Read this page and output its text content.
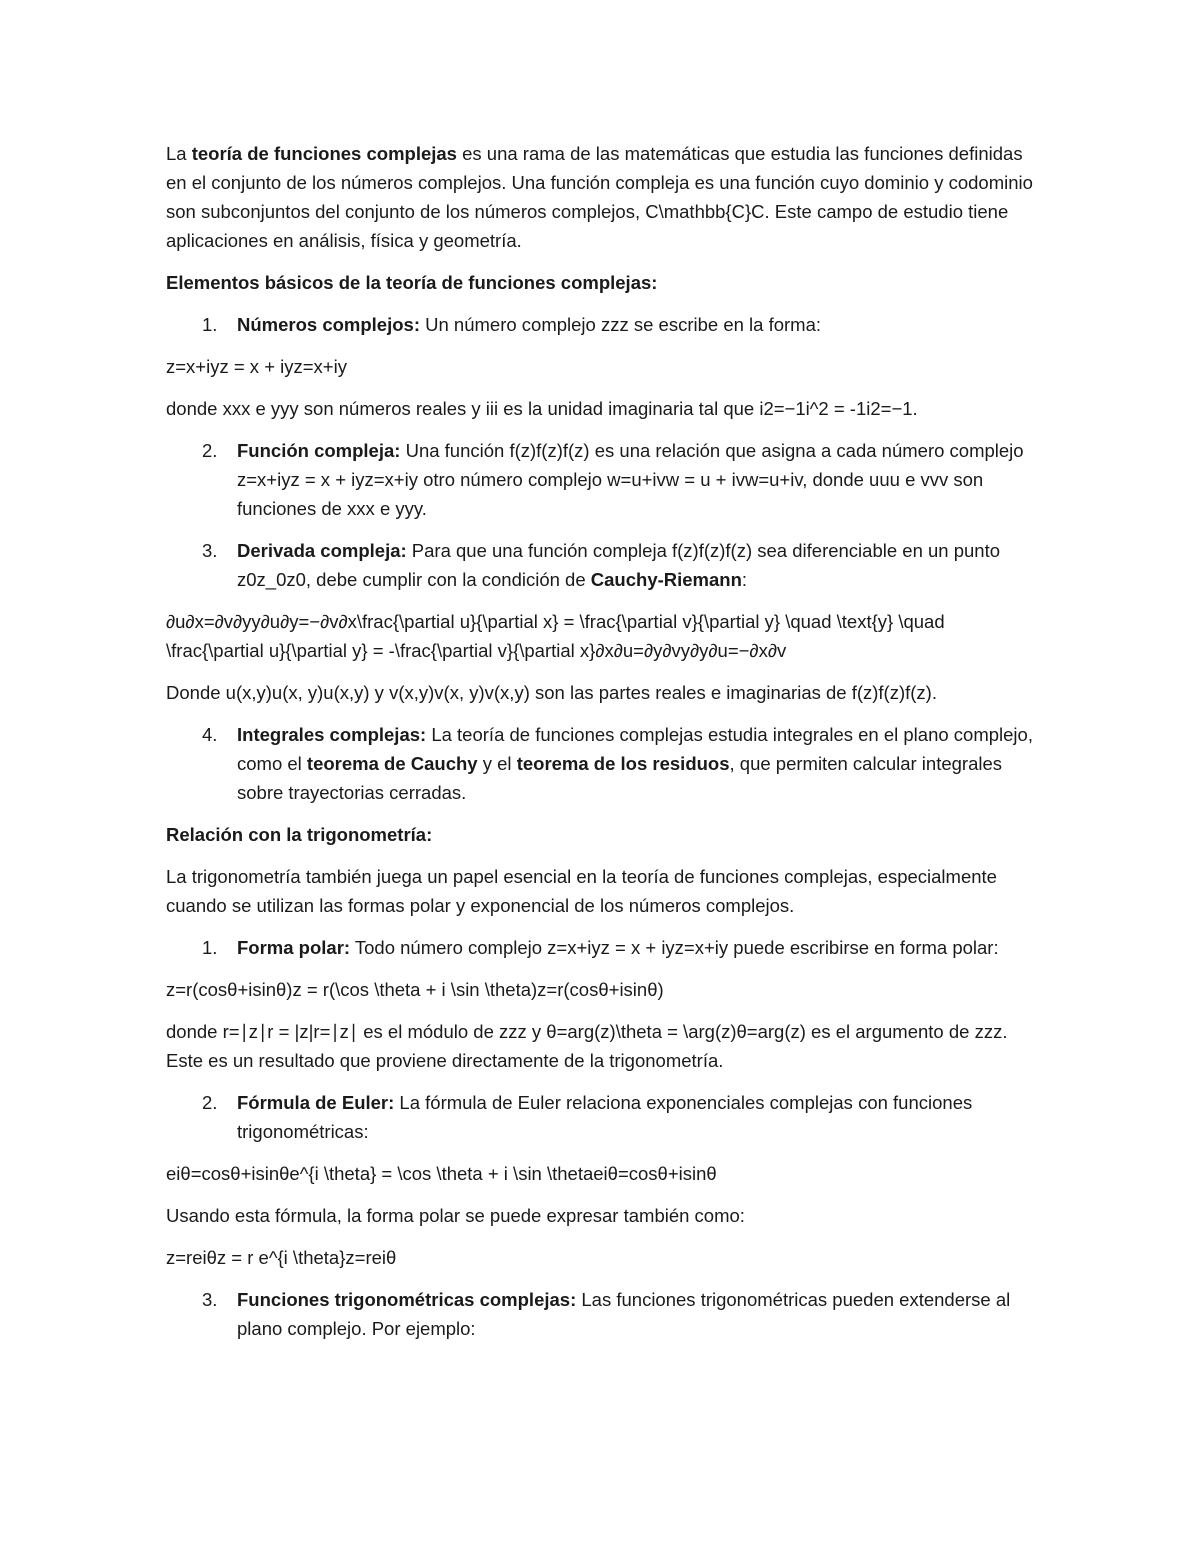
La teoría de funciones complejas es una rama de las matemáticas que estudia las funciones definidas en el conjunto de los números complejos. Una función compleja es una función cuyo dominio y codominio son subconjuntos del conjunto de los números complejos, C\mathbb{C}C. Este campo de estudio tiene aplicaciones en análisis, física y geometría.

Elementos básicos de la teoría de funciones complejas:

1. Números complejos: Un número complejo zzz se escribe en la forma:

z=x+iyz = x + iyz=x+iy

donde xxx e yyy son números reales y iii es la unidad imaginaria tal que i2=−1i^2 = -1i2=−1.

2. Función compleja: Una función f(z)f(z)f(z) es una relación que asigna a cada número complejo z=x+iyz = x + iyz=x+iy otro número complejo w=u+ivw = u + ivw=u+iv, donde uuu e vvv son funciones de xxx e yyy.
3. Derivada compleja: Para que una función compleja f(z)f(z)f(z) sea diferenciable en un punto z0z_0z0, debe cumplir con la condición de Cauchy-Riemann:

∂u∂x=∂v∂yy∂u∂y=−∂v∂x\frac{\partial u}{\partial x} = \frac{\partial v}{\partial y} \quad \text{y} \quad \frac{\partial u}{\partial y} = -\frac{\partial v}{\partial x}∂x∂u=∂y∂vy∂y∂u=−∂x∂v

Donde u(x,y)u(x, y)u(x,y) y v(x,y)v(x, y)v(x,y) son las partes reales e imaginarias de f(z)f(z)f(z).

4. Integrales complejas: La teoría de funciones complejas estudia integrales en el plano complejo, como el teorema de Cauchy y el teorema de los residuos, que permiten calcular integrales sobre trayectorias cerradas.

Relación con la trigonometría:

La trigonometría también juega un papel esencial en la teoría de funciones complejas, especialmente cuando se utilizan las formas polar y exponencial de los números complejos.

1. Forma polar: Todo número complejo z=x+iyz = x + iyz=x+iy puede escribirse en forma polar:

z=r(cosθ+isinθ)z = r(\cos \theta + i \sin \theta)z=r(cosθ+isinθ)

donde r=∣z∣r = |z|r=∣z∣ es el módulo de zzz y θ=arg(z)\theta = \arg(z)θ=arg(z) es el argumento de zzz. Este es un resultado que proviene directamente de la trigonometría.

2. Fórmula de Euler: La fórmula de Euler relaciona exponenciales complejas con funciones trigonométricas:

eiθ=cosθ+isinθe^{i \theta} = \cos \theta + i \sin \thetaeiθ=cosθ+isinθ

Usando esta fórmula, la forma polar se puede expresar también como:

z=reiθz = r e^{i \theta}z=reiθ

3. Funciones trigonométricas complejas: Las funciones trigonométricas pueden extenderse al plano complejo. Por ejemplo:
